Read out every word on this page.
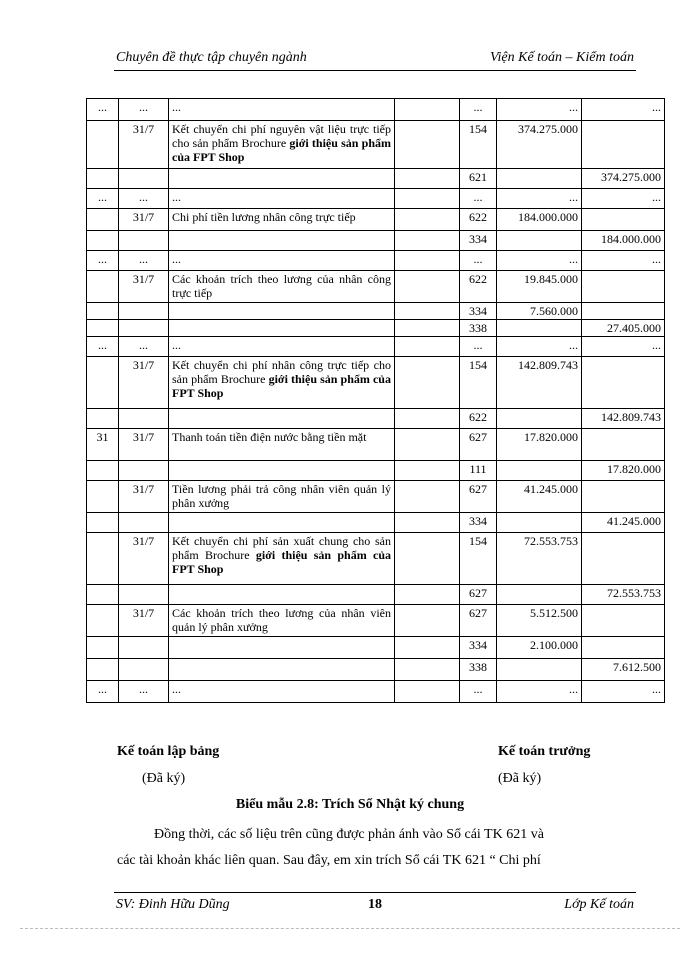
Chuyên đề thực tập chuyên ngành	Viện Kế toán – Kiểm toán
...	...	...		...	...	...
	31/7	Kết chuyển chi phí nguyên vật liệu trực tiếp cho sản phẩm Brochure giới thiệu sản phẩm của FPT Shop		154	374.275.000	
				621		374.275.000
...	...	...		...	...	...
	31/7	Chi phí tiền lương nhân công trực tiếp		622	184.000.000	
				334		184.000.000
...	...	...		...	...	...
	31/7	Các khoản trích theo lương của nhân công trực tiếp		622	19.845.000	
				334	7.560.000	
				338		27.405.000
...	...	...		...	...	...
	31/7	Kết chuyển chi phí nhân công trực tiếp cho sản phẩm Brochure giới thiệu sản phẩm của FPT Shop		154	142.809.743	
				622		142.809.743
31	31/7	Thanh toán tiền điện nước bằng tiền mặt		627	17.820.000	
				111		17.820.000
	31/7	Tiền lương phải trả công nhân viên quản lý phân xưởng		627	41.245.000	
				334		41.245.000
	31/7	Kết chuyển chi phí sản xuất chung cho sản phẩm Brochure giới thiệu sản phẩm của FPT Shop		154	72.553.753	
				627		72.553.753
	31/7	Các khoản trích theo lương của nhân viên quản lý phân xưởng		627	5.512.500	
				334	2.100.000	
				338		7.612.500
...	...	...		...	...	...
Kế toán lập bảng
(Đã ký)
Kế toán trưởng
(Đã ký)
Biểu mẫu 2.8: Trích Sổ Nhật ký chung
Đồng thời, các số liệu trên cũng được phản ánh vào Sổ cái TK 621 và
các tài khoản khác liên quan. Sau đây, em xin trích Sổ cái TK 621 “ Chi phí
SV: Đinh Hữu Dũng	18	Lớp Kế toán
